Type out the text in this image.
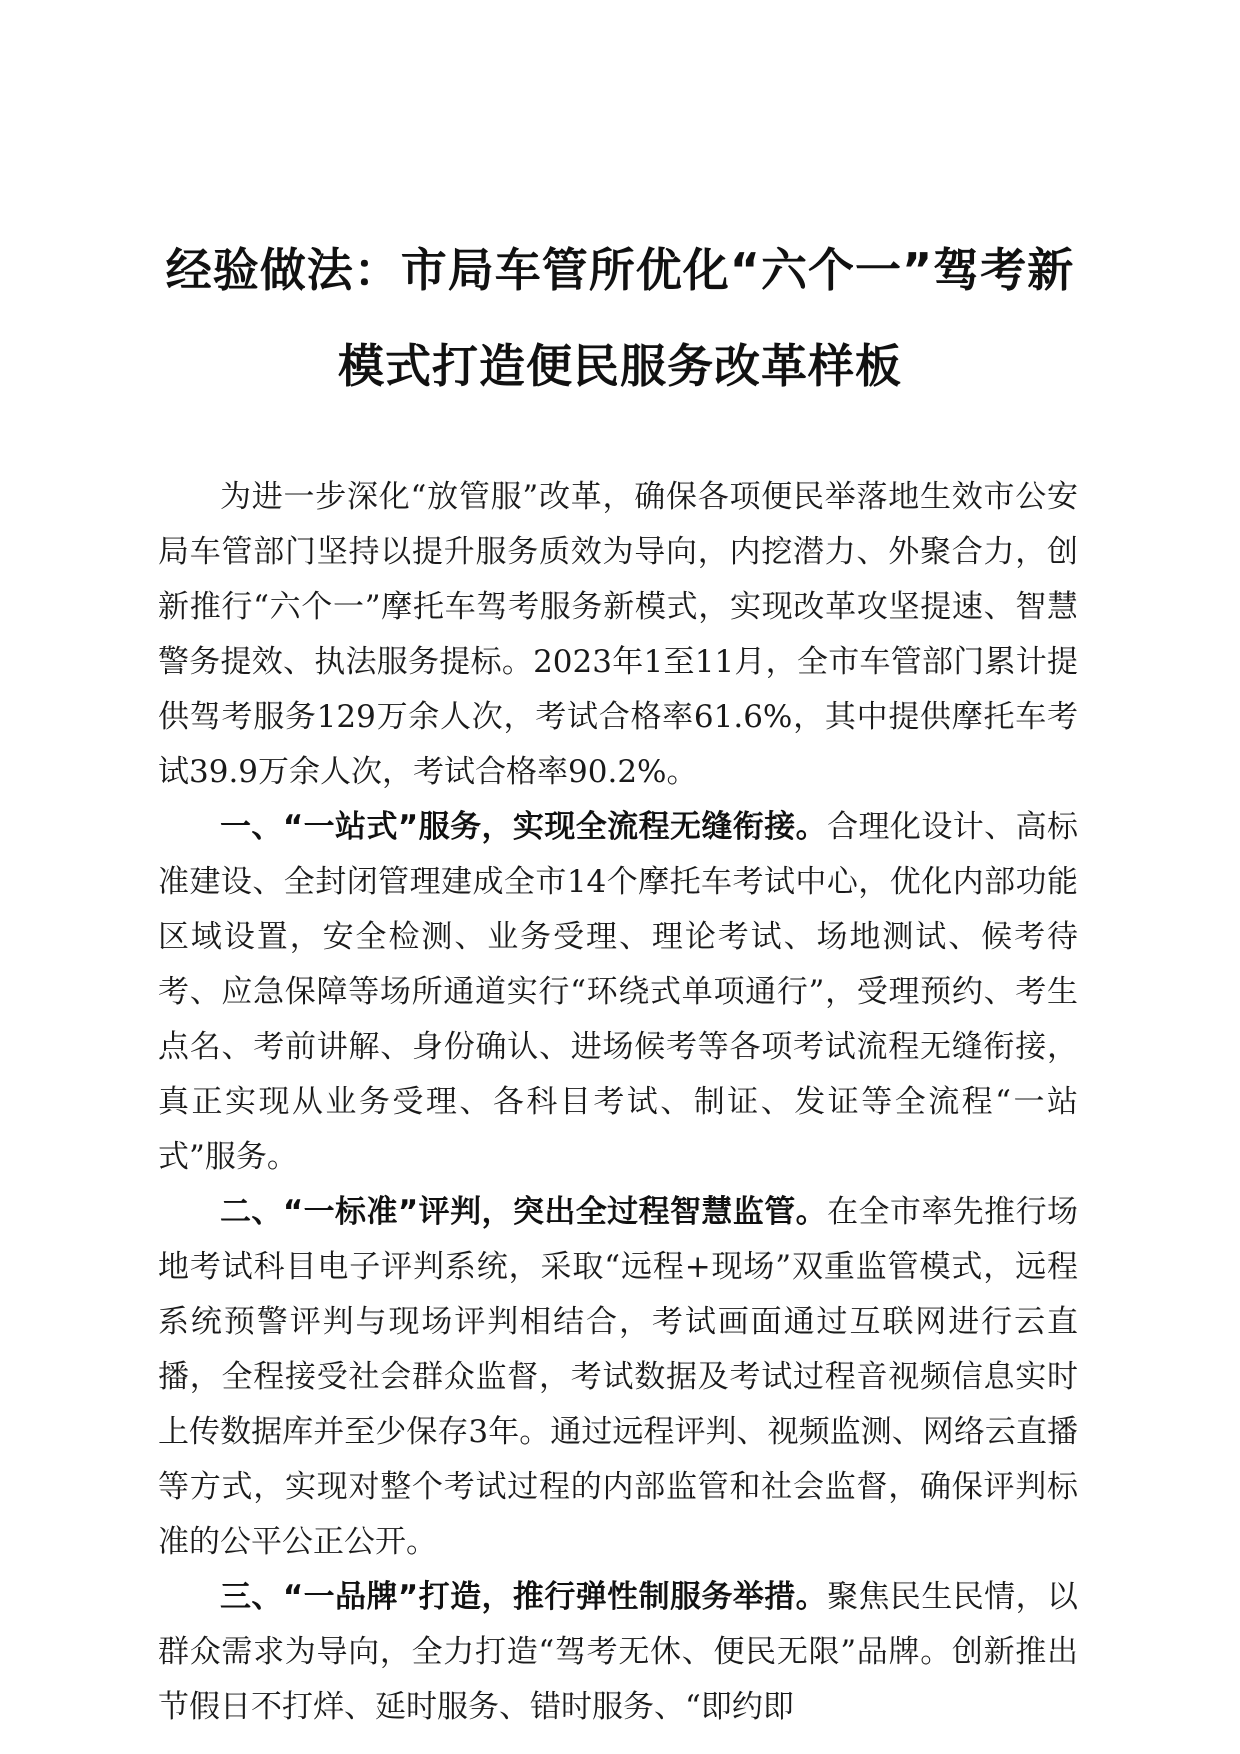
经验做法：市局车管所优化“六个一”驾考新
模式打造便民服务改革样板

为进一步深化“放管服”改革，确保各项便民举落地生效市公安局车管部门坚持以提升服务质效为导向，内挖潜力、外聚合力，创新推行“六个一”摩托车驾考服务新模式，实现改革攻坚提速、智慧警务提效、执法服务提标。2023年1至11月，全市车管部门累计提供驾考服务129万余人次，考试合格率61.6%，其中提供摩托车考试39.9万余人次，考试合格率90.2%。

一、“一站式”服务，实现全流程无缝衔接。合理化设计、高标准建设、全封闭管理建成全市14个摩托车考试中心，优化内部功能区域设置，安全检测、业务受理、理论考试、场地测试、候考待考、应急保障等场所通道实行“环绕式单项通行”，受理预约、考生点名、考前讲解、身份确认、进场候考等各项考试流程无缝衔接，真正实现从业务受理、各科目考试、制证、发证等全流程“一站式”服务。

二、“一标准”评判，突出全过程智慧监管。在全市率先推行场地考试科目电子评判系统，采取“远程+现场”双重监管模式，远程系统预警评判与现场评判相结合，考试画面通过互联网进行云直播，全程接受社会群众监督，考试数据及考试过程音视频信息实时上传数据库并至少保存3年。通过远程评判、视频监测、网络云直播等方式，实现对整个考试过程的内部监管和社会监督，确保评判标准的公平公正公开。

三、“一品牌”打造，推行弹性制服务举措。聚焦民生民情，以群众需求为导向，全力打造“驾考无休、便民无限”品牌。创新推出节假日不打烊、延时服务、错时服务、“即约即
